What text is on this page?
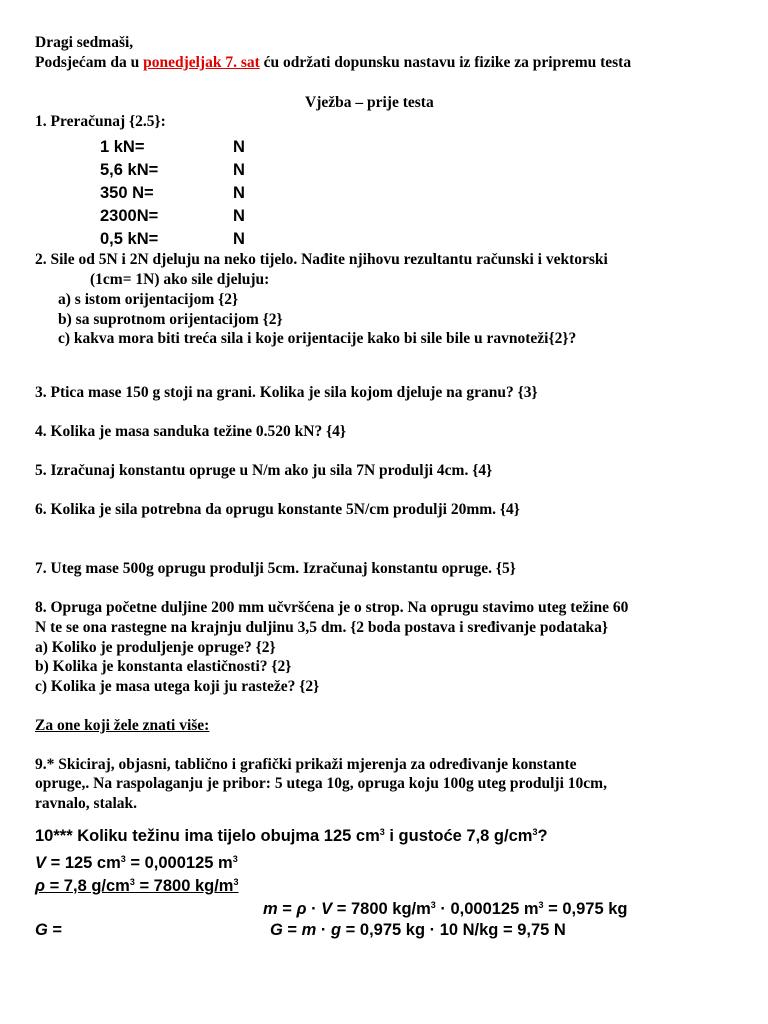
Dragi sedmaši,
Podsjećam da u ponedjeljak 7. sat ću održati dopunsku nastavu iz fizike za pripremu testa
Vježba – prije testa
1. Preračunaj {2.5}:
1 kN=	N
5,6 kN=	N
350 N=	N
2300N=	N
0,5 kN=	N
2. Sile od 5N i 2N djeluju na neko tijelo. Nađite njihovu rezultantu računski i vektorski
(1cm= 1N) ako sile djeluju:
a) s istom orijentacijom {2}
b) sa suprotnom orijentacijom {2}
c) kakva mora biti treća sila i koje orijentacije kako bi sile bile u ravnoteži{2}?
3. Ptica mase 150 g stoji na grani. Kolika je sila kojom djeluje na granu? {3}
4. Kolika je masa sanduka težine 0.520 kN? {4}
5. Izračunaj konstantu opruge u N/m ako ju sila 7N produlji 4cm. {4}
6. Kolika je sila potrebna da oprugu konstante 5N/cm produlji 20mm. {4}
7. Uteg mase 500g oprugu produlji 5cm. Izračunaj konstantu opruge. {5}
8. Opruga početne duljine 200 mm učvršćena je o strop. Na oprugu stavimo uteg težine 60
N te se ona rastegne na krajnju duljinu 3,5 dm. {2 boda postava i sređivanje podataka}
a) Koliko je produljenje opruge? {2}
b) Kolika je konstanta elastičnosti? {2}
c) Kolika je masa utega koji ju rasteže? {2}
Za one koji žele znati više:
9.* Skiciraj, objasni, tablično i grafički prikaži mjerenja za određivanje konstante
opruge,. Na raspolaganju je pribor: 5 utega 10g, opruga koju 100g uteg produlji 10cm,
ravnalo, stalak.
10*** Koliku težinu ima tijelo obujma 125 $cm^3$ i gustoće 7,8 $g/cm^3$?
V = 125 $cm^3 = 0,000125$ $m^3$
ρ = 7,8 $g/cm^3 = 7800$ $kg/m^3$
m = ρ · V = 7800 $kg/m^3 \cdot 0,000125$ $m^3 = 0,975$ kg
G =	G = m · g = 0,975 kg · 10 N/kg = 9,75 N
